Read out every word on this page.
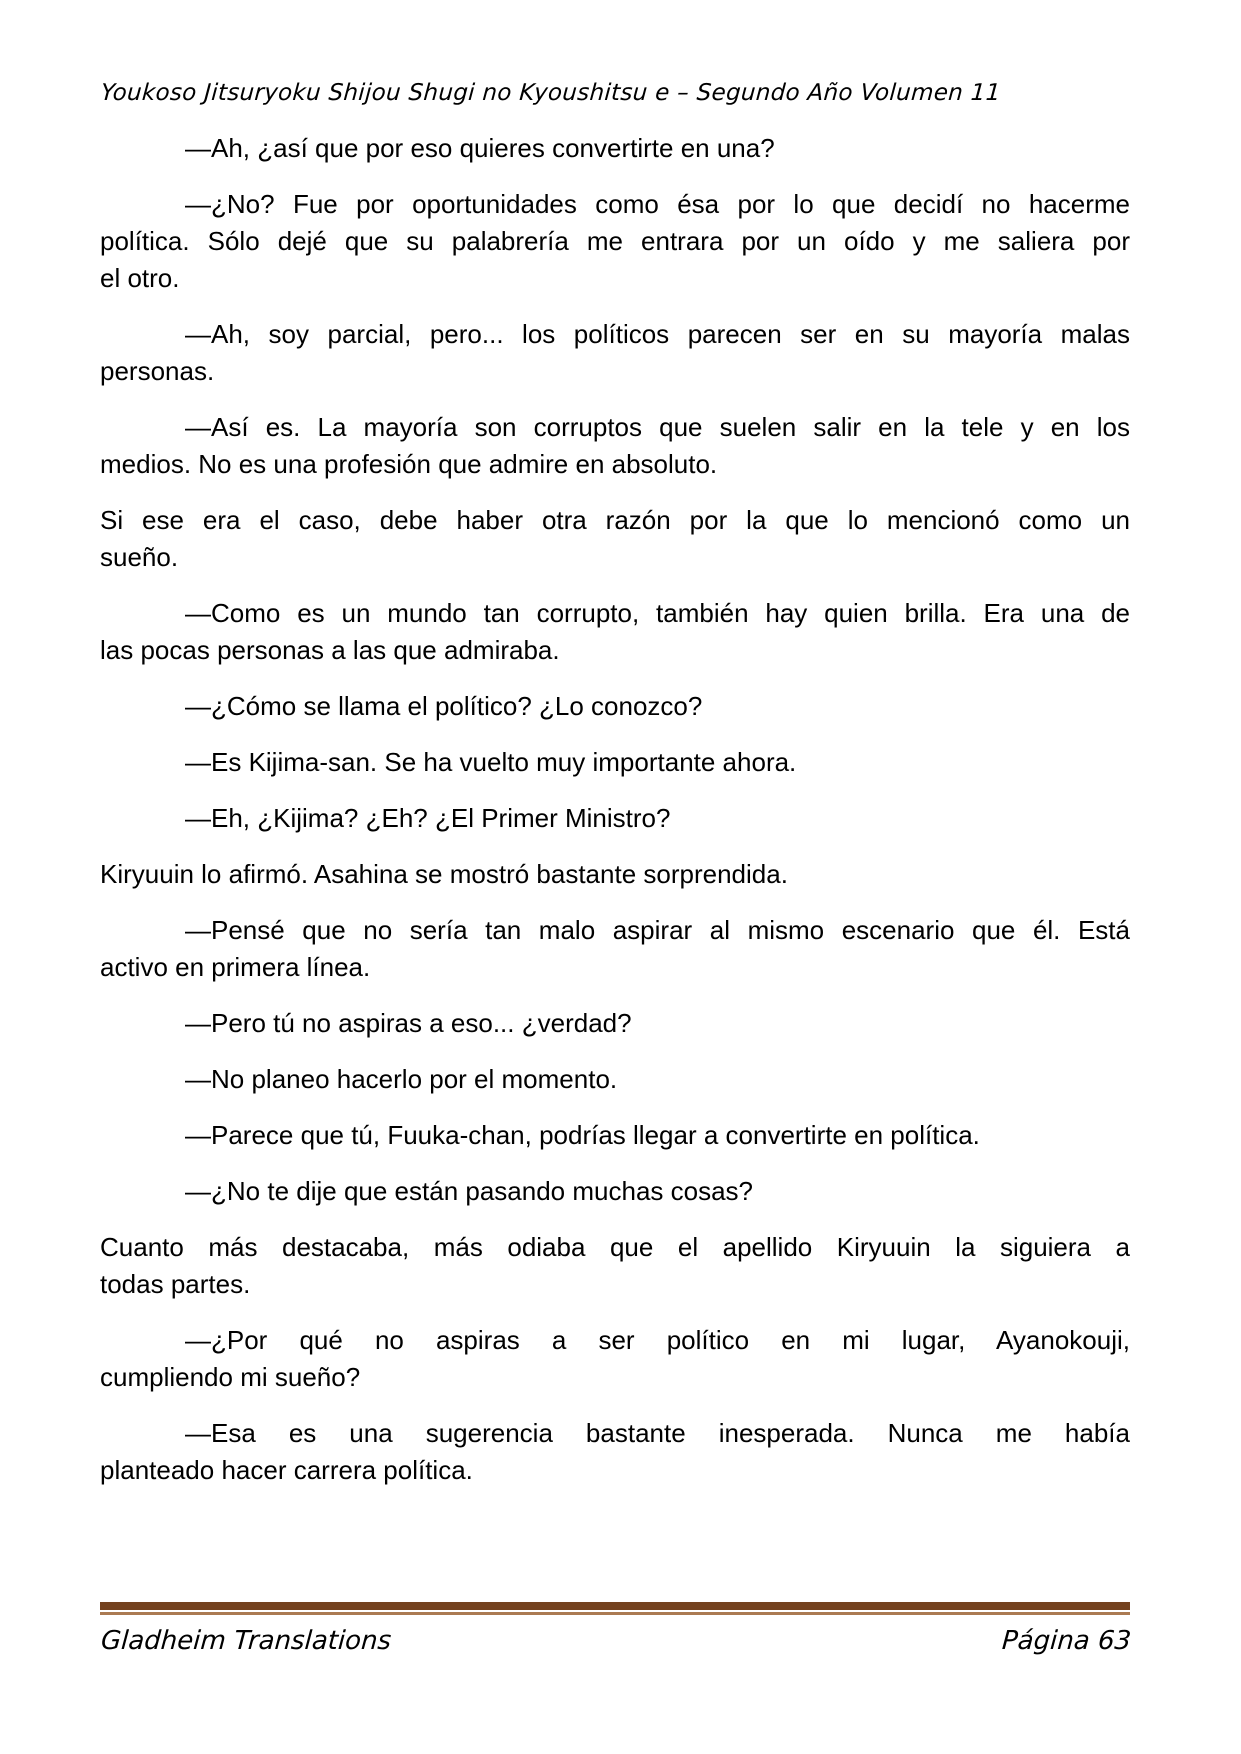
Youkoso Jitsuryoku Shijou Shugi no Kyoushitsu e – Segundo Año Volumen 11

—Ah, ¿así que por eso quieres convertirte en una?

—¿No? Fue por oportunidades como ésa por lo que decidí no hacerme
política. Sólo dejé que su palabrería me entrara por un oído y me saliera por
el otro.

—Ah, soy parcial, pero... los políticos parecen ser en su mayoría malas
personas.

—Así es. La mayoría son corruptos que suelen salir en la tele y en los
medios. No es una profesión que admire en absoluto.

Si ese era el caso, debe haber otra razón por la que lo mencionó como un
sueño.

—Como es un mundo tan corrupto, también hay quien brilla. Era una de
las pocas personas a las que admiraba.

—¿Cómo se llama el político? ¿Lo conozco?

—Es Kijima-san. Se ha vuelto muy importante ahora.

—Eh, ¿Kijima? ¿Eh? ¿El Primer Ministro?

Kiryuuin lo afirmó. Asahina se mostró bastante sorprendida.

—Pensé que no sería tan malo aspirar al mismo escenario que él. Está
activo en primera línea.

—Pero tú no aspiras a eso... ¿verdad?

—No planeo hacerlo por el momento.

—Parece que tú, Fuuka-chan, podrías llegar a convertirte en política.

—¿No te dije que están pasando muchas cosas?

Cuanto más destacaba, más odiaba que el apellido Kiryuuin la siguiera a
todas partes.

—¿Por qué no aspiras a ser político en mi lugar, Ayanokouji,
cumpliendo mi sueño?

—Esa es una sugerencia bastante inesperada. Nunca me había
planteado hacer carrera política.

Gladheim Translations	Página 63
